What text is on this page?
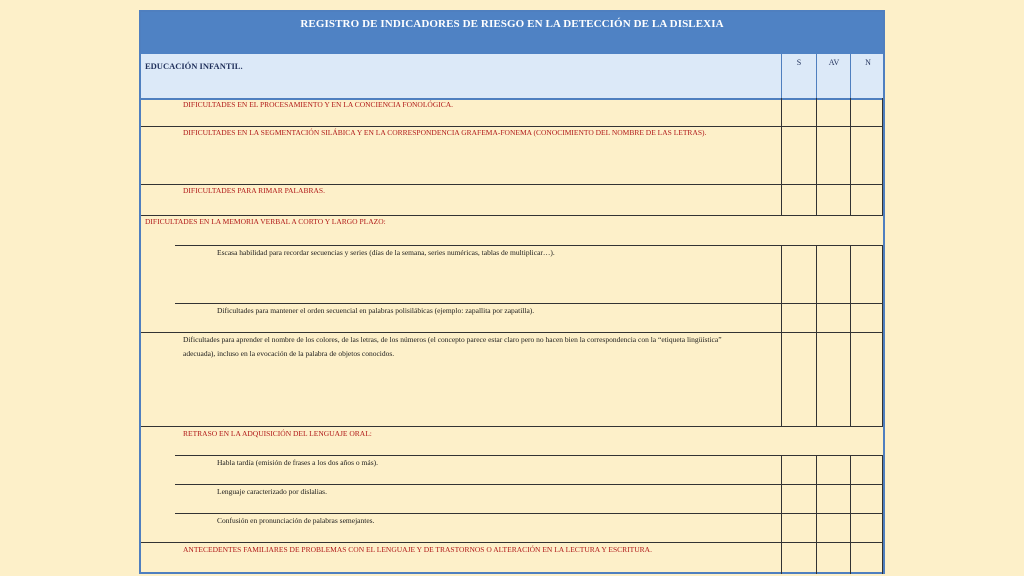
REGISTRO DE INDICADORES DE RIESGO EN LA DETECCIÓN DE LA DISLEXIA
EDUCACIÓN INFANTIL.	S	AV	N
DIFICULTADES EN EL PROCESAMIENTO Y EN LA CONCIENCIA FONOLÓGICA.
DIFICULTADES EN LA SEGMENTACIÓN SILÁBICA Y EN LA CORRESPONDENCIA GRAFEMA-FONEMA (CONOCIMIENTO DEL NOMBRE DE LAS LETRAS).
DIFICULTADES PARA RIMAR PALABRAS.
DIFICULTADES EN LA MEMORIA VERBAL A CORTO Y LARGO PLAZO:
Escasa habilidad para recordar secuencias y series (días de la semana, series numéricas, tablas de multiplicar…).
Dificultades para mantener el orden secuencial en palabras polisilábicas (ejemplo: zapallita por zapatilla).
Dificultades para aprender el nombre de los colores, de las letras, de los números (el concepto parece estar claro pero no hacen bien la correspondencia con la “etiqueta lingüística”
adecuada), incluso en la evocación de la palabra de objetos conocidos.
RETRASO EN LA ADQUISICIÓN DEL LENGUAJE ORAL:
Habla tardía (emisión de frases a los dos años o más).
Lenguaje caracterizado por dislalias.
Confusión en pronunciación de palabras semejantes.
ANTECEDENTES FAMILIARES DE PROBLEMAS CON EL LENGUAJE Y DE TRASTORNOS O ALTERACIÓN EN LA LECTURA Y ESCRITURA.
